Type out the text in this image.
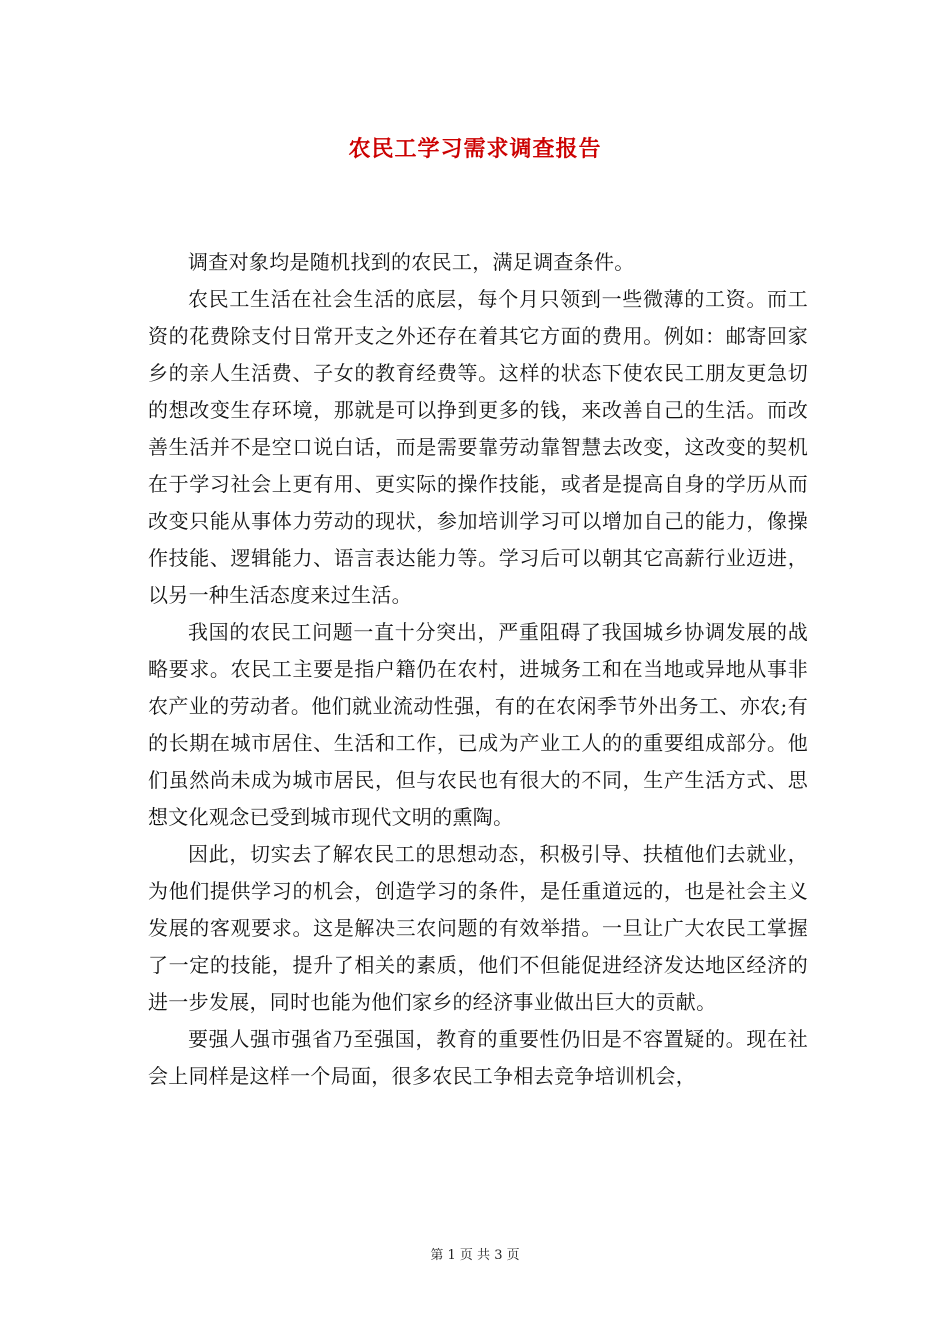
农民工学习需求调查报告

调查对象均是随机找到的农民工，满足调查条件。

农民工生活在社会生活的底层，每个月只领到一些微薄的工资。而工资的花费除支付日常开支之外还存在着其它方面的费用。例如：邮寄回家乡的亲人生活费、子女的教育经费等。这样的状态下使农民工朋友更急切的想改变生存环境，那就是可以挣到更多的钱，来改善自己的生活。而改善生活并不是空口说白话，而是需要靠劳动靠智慧去改变，这改变的契机在于学习社会上更有用、更实际的操作技能，或者是提高自身的学历从而改变只能从事体力劳动的现状，参加培训学习可以增加自己的能力，像操作技能、逻辑能力、语言表达能力等。学习后可以朝其它高薪行业迈进，以另一种生活态度来过生活。

我国的农民工问题一直十分突出，严重阻碍了我国城乡协调发展的战略要求。农民工主要是指户籍仍在农村，进城务工和在当地或异地从事非农产业的劳动者。他们就业流动性强，有的在农闲季节外出务工、亦农;有的长期在城市居住、生活和工作，已成为产业工人的的重要组成部分。他们虽然尚未成为城市居民，但与农民也有很大的不同，生产生活方式、思想文化观念已受到城市现代文明的熏陶。

因此，切实去了解农民工的思想动态，积极引导、扶植他们去就业，为他们提供学习的机会，创造学习的条件，是任重道远的，也是社会主义发展的客观要求。这是解决三农问题的有效举措。一旦让广大农民工掌握了一定的技能，提升了相关的素质，他们不但能促进经济发达地区经济的进一步发展，同时也能为他们家乡的经济事业做出巨大的贡献。

要强人强市强省乃至强国，教育的重要性仍旧是不容置疑的。现在社会上同样是这样一个局面，很多农民工争相去竞争培训机会，

第 1 页 共 3 页
